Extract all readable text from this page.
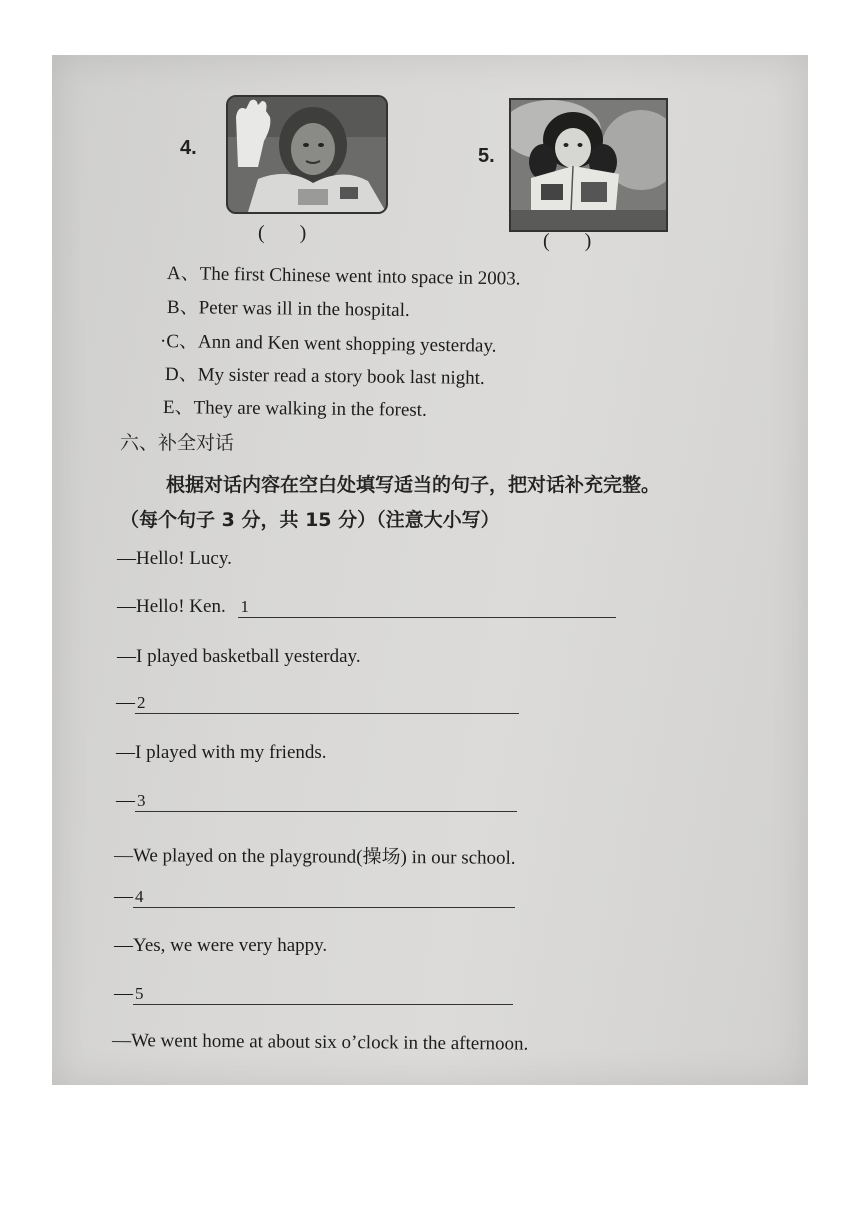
4.
(       )
5.
(       )
A、The first Chinese went into space in 2003.
B、Peter was ill in the hospital.
·C、Ann and Ken went shopping yesterday.
D、My sister read a story book last night.
E、They are walking in the forest.
六、补全对话
根据对话内容在空白处填写适当的句子，把对话补充完整。
（每个句子 3 分，共 15 分）（注意大小写）
—Hello! Lucy.
—Hello! Ken. 1
—I played basketball yesterday.
— 2
—I played with my friends.
— 3
—We played on the playground(操场) in our school.
— 4
—Yes, we were very happy.
— 5
—We went home at about six o’clock in the afternoon.
